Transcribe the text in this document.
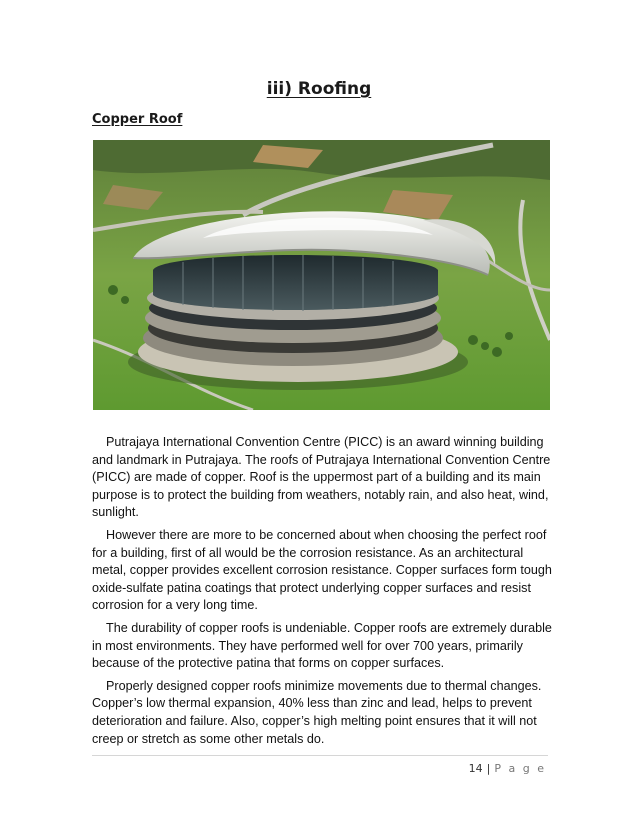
iii) Roofing
Copper Roof

Putrajaya International Convention Centre (PICC) is an award winning building and landmark in Putrajaya. The roofs of Putrajaya International Convention Centre (PICC) are made of copper. Roof is the uppermost part of a building and its main purpose is to protect the building from weathers, notably rain, and also heat, wind, sunlight.

However there are more to be concerned about when choosing the perfect roof for a building, first of all would be the corrosion resistance. As an architectural metal, copper provides excellent corrosion resistance. Copper surfaces form tough oxide-sulfate patina coatings that protect underlying copper surfaces and resist corrosion for a very long time.

The durability of copper roofs is undeniable. Copper roofs are extremely durable in most environments. They have performed well for over 700 years, primarily because of the protective patina that forms on copper surfaces.

Properly designed copper roofs minimize movements due to thermal changes. Copper’s low thermal expansion, 40% less than zinc and lead, helps to prevent deterioration and failure. Also, copper’s high melting point ensures that it will not creep or stretch as some other metals do.

14 | P a g e
